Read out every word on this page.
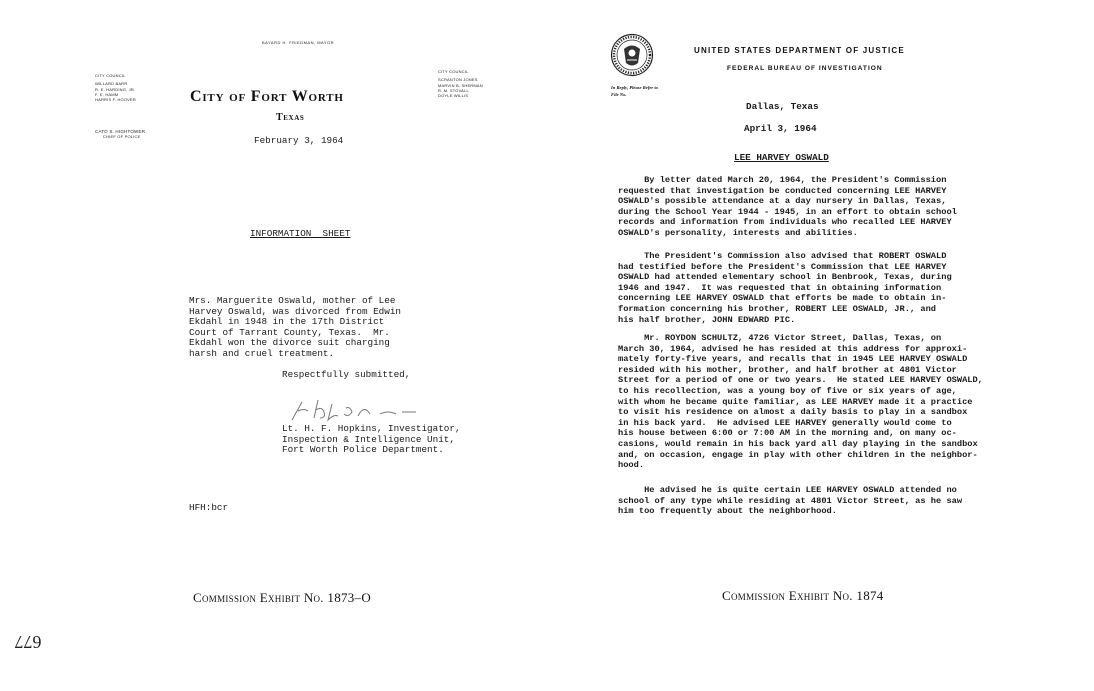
BAYARD H. FRIEDMAN, MAYOR
CITY COUNCIL
WILLARD BARR
R. E. HARDING, JR.
F. E. HAMM
HARRIS F. HOOVER
CITY COUNCIL
SCRANTON JONES
MARVIN B. SHERMAN
R. M. STOVALL
DOYLE WILLIS
CATO S. HIGHTOWER
CHIEF OF POLICE
City of Fort Worth
Texas
February 3, 1964
INFORMATION  SHEET
Mrs. Marguerite Oswald, mother of Lee
Harvey Oswald, was divorced from Edwin
Ekdahl in 1948 in the 17th District
Court of Tarrant County, Texas.  Mr.
Ekdahl won the divorce suit charging
harsh and cruel treatment.
Respectfully submitted,
Lt. H. F. Hopkins, Investigator,
Inspection & Intelligence Unit,
Fort Worth Police Department.
HFH:bcr
Commission Exhibit No. 1873–O
In Reply, Please Refer to
File No.
UNITED STATES DEPARTMENT OF JUSTICE
FEDERAL BUREAU OF INVESTIGATION
Dallas, Texas
April 3, 1964
LEE HARVEY OSWALD
By letter dated March 20, 1964, the President's Commission
requested that investigation be conducted concerning LEE HARVEY
OSWALD's possible attendance at a day nursery in Dallas, Texas,
during the School Year 1944 - 1945, in an effort to obtain school
records and information from individuals who recalled LEE HARVEY
OSWALD's personality, interests and abilities.
The President's Commission also advised that ROBERT OSWALD
had testified before the President's Commission that LEE HARVEY
OSWALD had attended elementary school in Benbrook, Texas, during
1946 and 1947.  It was requested that in obtaining information
concerning LEE HARVEY OSWALD that efforts be made to obtain in-
formation concerning his brother, ROBERT LEE OSWALD, JR., and
his half brother, JOHN EDWARD PIC.
Mr. ROYDON SCHULTZ, 4726 Victor Street, Dallas, Texas, on
March 30, 1964, advised he has resided at this address for approxi-
mately forty-five years, and recalls that in 1945 LEE HARVEY OSWALD
resided with his mother, brother, and half brother at 4801 Victor
Street for a period of one or two years.  He stated LEE HARVEY OSWALD,
to his recollection, was a young boy of five or six years of age,
with whom he became quite familiar, as LEE HARVEY made it a practice
to visit his residence on almost a daily basis to play in a sandbox
in his back yard.  He advised LEE HARVEY generally would come to
his house between 6:00 or 7:00 AM in the morning and, on many oc-
casions, would remain in his back yard all day playing in the sandbox
and, on occasion, engage in play with other children in the neighbor-
hood.
He advised he is quite certain LEE HARVEY OSWALD attended no
school of any type while residing at 4801 Victor Street, as he saw
him too frequently about the neighborhood.
Commission Exhibit No. 1874
677
